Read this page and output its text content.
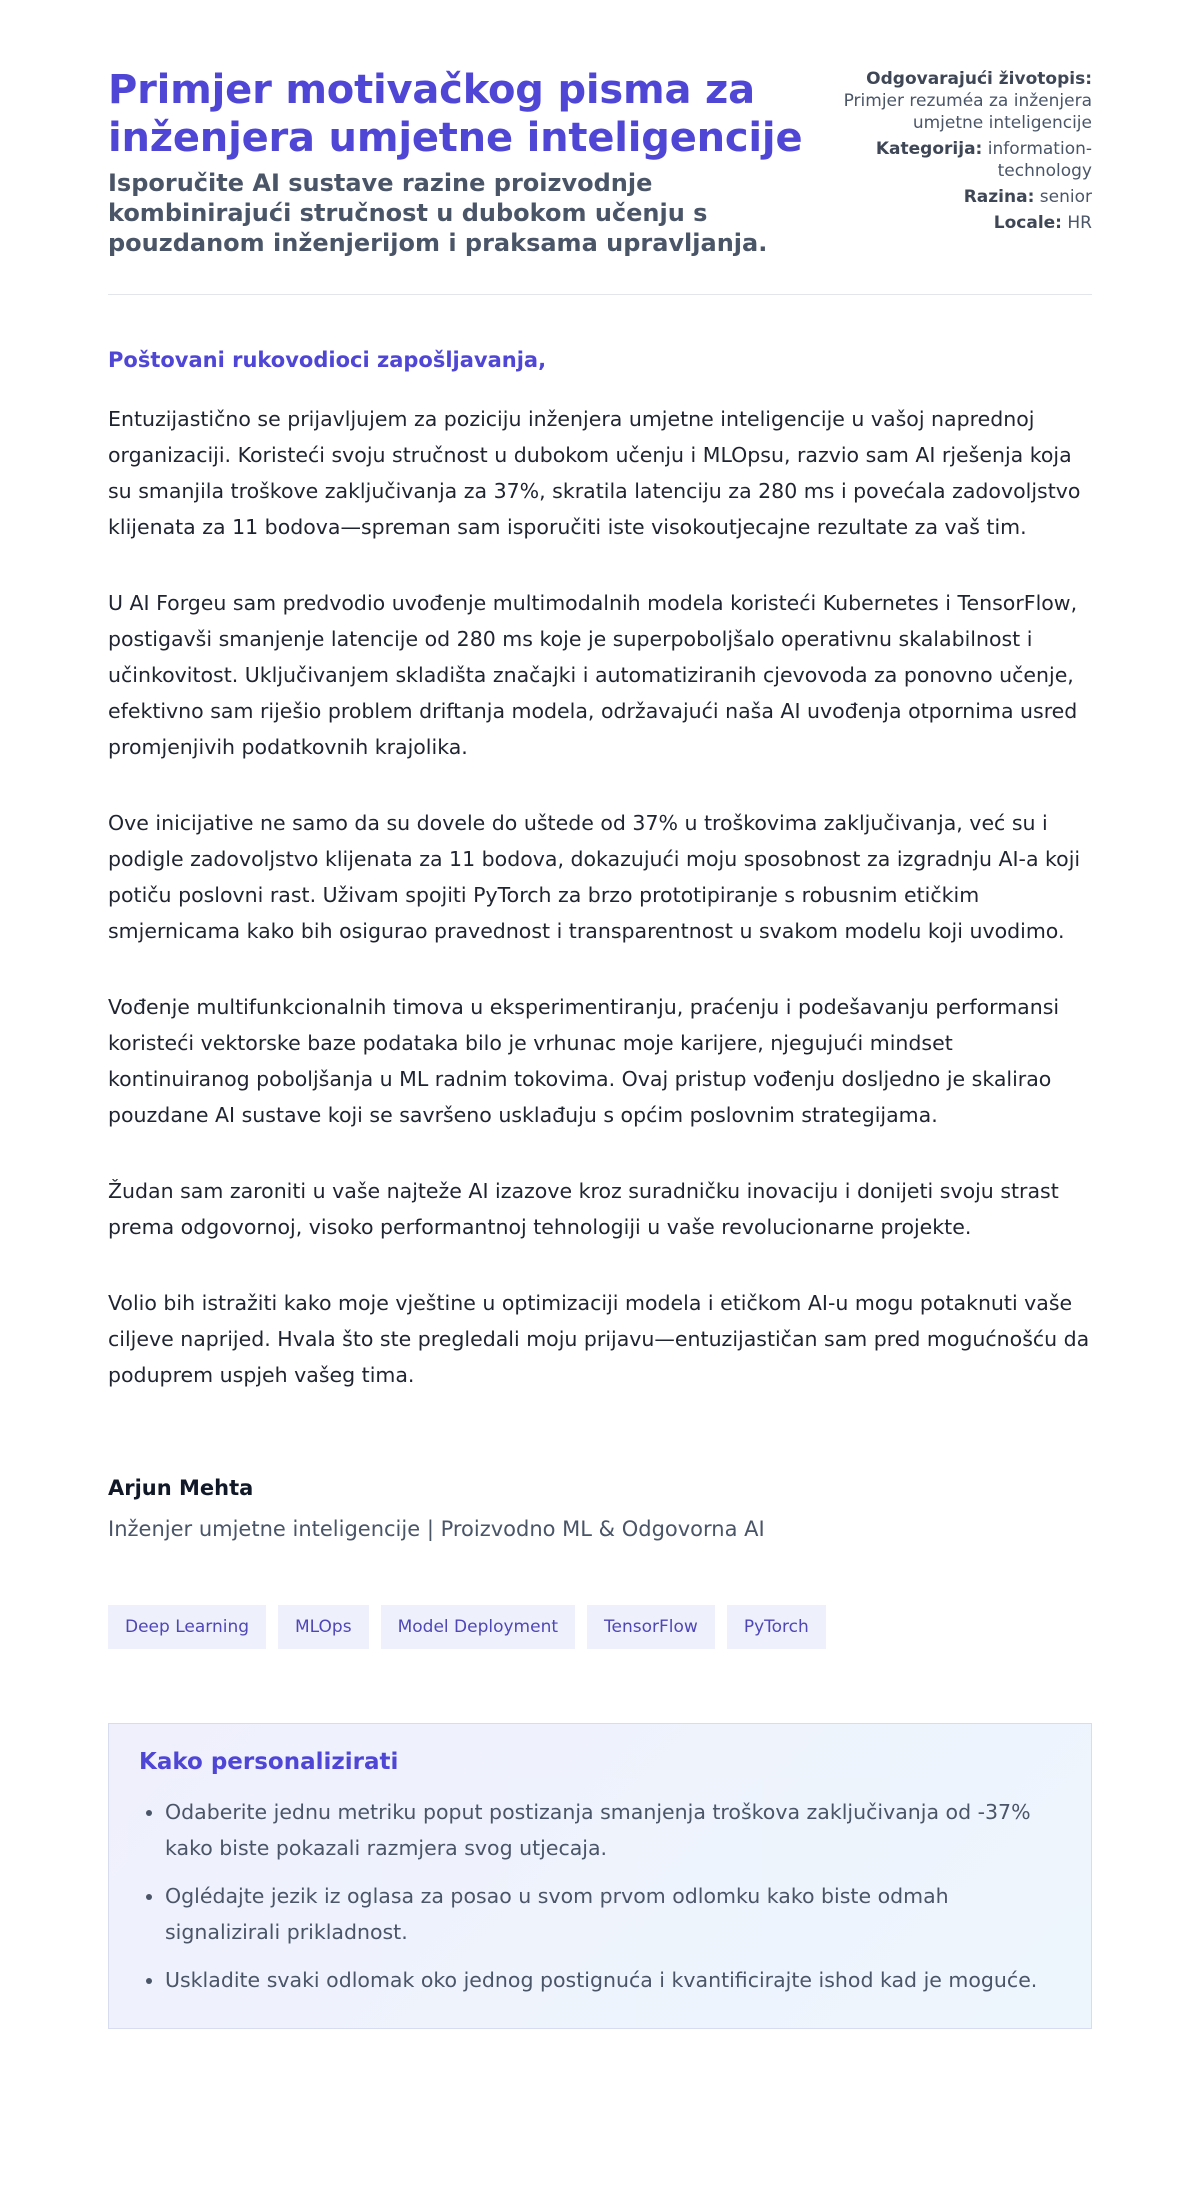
Primjer motivačkog pisma za inženjera umjetne inteligencije
Isporučite AI sustave razine proizvodnje kombinirajući stručnost u dubokom učenju s pouzdanom inženjerijom i praksama upravljanja.
Odgovarajući životopis: Primjer rezuméa za inženjera umjetne inteligencije
Kategorija: information-technology
Razina: senior
Locale: HR
Poštovani rukovodioci zapošljavanja,

Entuzijastično se prijavljujem za poziciju inženjera umjetne inteligencije u vašoj naprednoj organizaciji. Koristeći svoju stručnost u dubokom učenju i MLOpsu, razvio sam AI rješenja koja su smanjila troškove zaključivanja za 37%, skratila latenciju za 280 ms i povećala zadovoljstvo klijenata za 11 bodova—spreman sam isporučiti iste visokoutjecajne rezultate za vaš tim.

U AI Forgeu sam predvodio uvođenje multimodalnih modela koristeći Kubernetes i TensorFlow, postigavši smanjenje latencije od 280 ms koje je superpoboljšalo operativnu skalabilnost i učinkovitost. Uključivanjem skladišta značajki i automatiziranih cjevovoda za ponovno učenje, efektivno sam riješio problem driftanja modela, održavajući naša AI uvođenja otpornima usred promjenjivih podatkovnih krajolika.

Ove inicijative ne samo da su dovele do uštede od 37% u troškovima zaključivanja, već su i podigle zadovoljstvo klijenata za 11 bodova, dokazujući moju sposobnost za izgradnju AI-a koji potiču poslovni rast. Uživam spojiti PyTorch za brzo prototipiranje s robusnim etičkim smjernicama kako bih osigurao pravednost i transparentnost u svakom modelu koji uvodimo.

Vođenje multifunkcionalnih timova u eksperimentiranju, praćenju i podešavanju performansi koristeći vektorske baze podataka bilo je vrhunac moje karijere, njegujući mindset kontinuiranog poboljšanja u ML radnim tokovima. Ovaj pristup vođenju dosljedno je skalirao pouzdane AI sustave koji se savršeno usklađuju s općim poslovnim strategijama.

Žudan sam zaroniti u vaše najteže AI izazove kroz suradničku inovaciju i donijeti svoju strast prema odgovornoj, visoko performantnoj tehnologiji u vaše revolucionarne projekte.

Volio bih istražiti kako moje vještine u optimizaciji modela i etičkom AI-u mogu potaknuti vaše ciljeve naprijed. Hvala što ste pregledali moju prijavu—entuzijastičan sam pred mogućnošću da poduprem uspjeh vašeg tima.

Arjun Mehta
Inženjer umjetne inteligencije | Proizvodno ML & Odgovorna AI
Deep Learning	MLOps	Model Deployment	TensorFlow	PyTorch
Kako personalizirati
• Odaberite jednu metriku poput postizanja smanjenja troškova zaključivanja od -37% kako biste pokazali razmjera svog utjecaja.
• Oglédajte jezik iz oglasa za posao u svom prvom odlomku kako biste odmah signalizirali prikladnost.
• Uskladite svaki odlomak oko jednog postignuća i kvantificirajte ishod kad je moguće.
